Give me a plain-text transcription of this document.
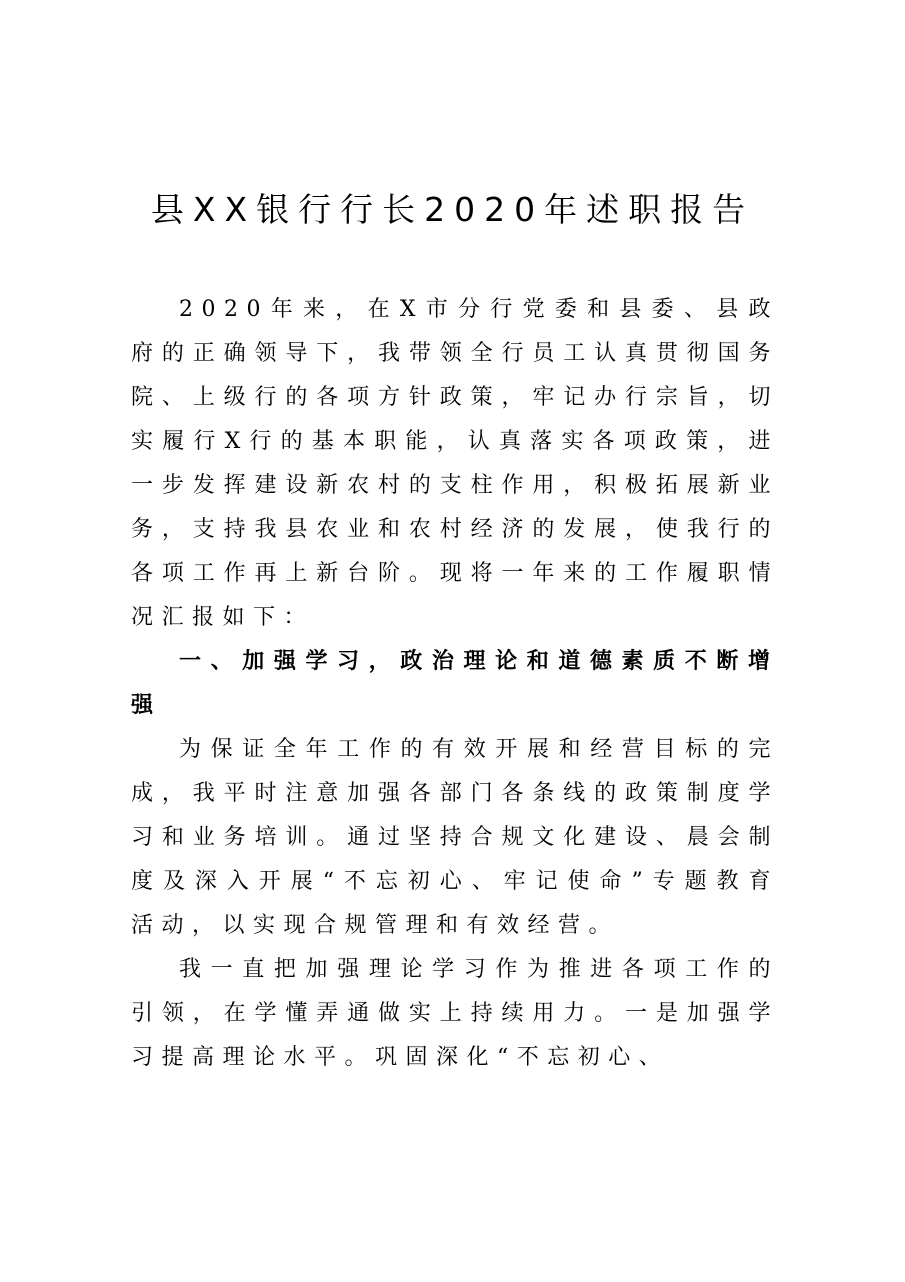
县XX银行行长2020年述职报告

2020年来，在X市分行党委和县委、县政府的正确领导下，我带领全行员工认真贯彻国务院、上级行的各项方针政策，牢记办行宗旨，切实履行X行的基本职能，认真落实各项政策，进一步发挥建设新农村的支柱作用，积极拓展新业务，支持我县农业和农村经济的发展，使我行的各项工作再上新台阶。现将一年来的工作履职情况汇报如下：

一、加强学习，政治理论和道德素质不断增强

为保证全年工作的有效开展和经营目标的完成，我平时注意加强各部门各条线的政策制度学习和业务培训。通过坚持合规文化建设、晨会制度及深入开展“不忘初心、牢记使命”专题教育活动，以实现合规管理和有效经营。

我一直把加强理论学习作为推进各项工作的引领，在学懂弄通做实上持续用力。一是加强学习提高理论水平。巩固深化“不忘初心、
